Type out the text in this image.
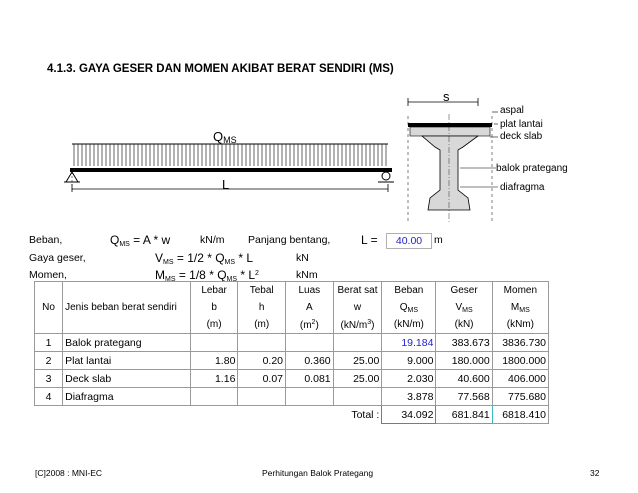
4.1.3. GAYA GESER DAN MOMEN AKIBAT BERAT SENDIRI (MS)
$Q_{MS}$
L
s
aspal
plat lantai
deck slab
balok prategang
diafragma
Beban,	$Q_{MS} = A * w$	kN/m Panjang bentang,	L =	40.00	m
Gaya geser,	$V_{MS} = 1/2 * Q_{MS} * L$	kN
Momen,	$M_{MS} = 1/8 * Q_{MS} * L^2$	kNm
No	Jenis beban berat sendiri	Lebar	Tebal	Luas	Berat sat	Beban	Geser	Momen
		b	h	A	w	$Q_{MS}$	$V_{MS}$	$M_{MS}$
		(m)	(m)	$(m^2)$	$(kN/m^3)$	(kN/m)	(kN)	(kNm)
1	Balok prategang					19.184	383.673	3836.730
2	Plat lantai	1.80	0.20	0.360	25.00	9.000	180.000	1800.000
3	Deck slab	1.16	0.07	0.081	25.00	2.030	40.600	406.000
4	Diafragma					3.878	77.568	775.680
					Total :	34.092	681.841	6818.410
[C]2008 : MNI-EC	Perhitungan Balok Prategang	32
